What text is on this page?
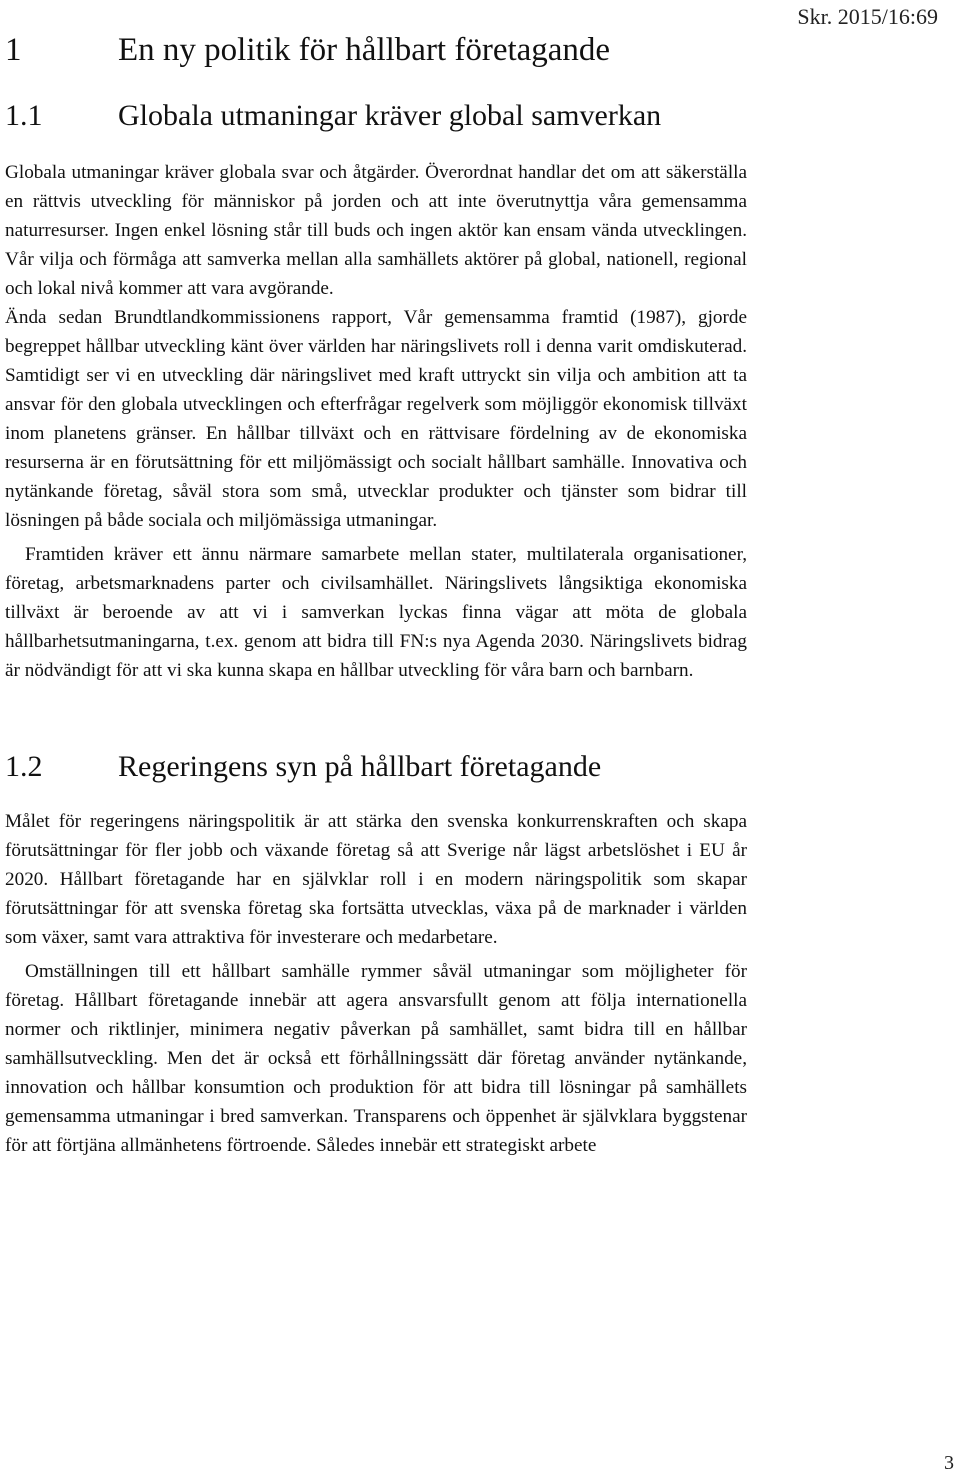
Skr. 2015/16:69
1	En ny politik för hållbart företagande
1.1	Globala utmaningar kräver global samverkan

Globala utmaningar kräver globala svar och åtgärder. Överordnat handlar det om att säkerställa en rättvis utveckling för människor på jorden och att inte överutnyttja våra gemensamma naturresurser. Ingen enkel lösning står till buds och ingen aktör kan ensam vända utvecklingen. Vår vilja och förmåga att samverka mellan alla samhällets aktörer på global, nationell, regional och lokal nivå kommer att vara avgörande.

Ända sedan Brundtlandkommissionens rapport, Vår gemensamma framtid (1987), gjorde begreppet hållbar utveckling känt över världen har näringslivets roll i denna varit omdiskuterad. Samtidigt ser vi en utveckling där näringslivet med kraft uttryckt sin vilja och ambition att ta ansvar för den globala utvecklingen och efterfrågar regelverk som möjliggör ekonomisk tillväxt inom planetens gränser. En hållbar tillväxt och en rättvisare fördelning av de ekonomiska resurserna är en förutsättning för ett miljömässigt och socialt hållbart samhälle. Innovativa och nytänkande företag, såväl stora som små, utvecklar produkter och tjänster som bidrar till lösningen på både sociala och miljömässiga utmaningar.

Framtiden kräver ett ännu närmare samarbete mellan stater, multilaterala organisationer, företag, arbetsmarknadens parter och civilsamhället. Näringslivets långsiktiga ekonomiska tillväxt är beroende av att vi i samverkan lyckas finna vägar att möta de globala hållbarhetsutmaningarna, t.ex. genom att bidra till FN:s nya Agenda 2030. Näringslivets bidrag är nödvändigt för att vi ska kunna skapa en hållbar utveckling för våra barn och barnbarn.

1.2	Regeringens syn på hållbart företagande

Målet för regeringens näringspolitik är att stärka den svenska konkurrenskraften och skapa förutsättningar för fler jobb och växande företag så att Sverige når lägst arbetslöshet i EU år 2020. Hållbart företagande har en självklar roll i en modern näringspolitik som skapar förutsättningar för att svenska företag ska fortsätta utvecklas, växa på de marknader i världen som växer, samt vara attraktiva för investerare och medarbetare.

Omställningen till ett hållbart samhälle rymmer såväl utmaningar som möjligheter för företag. Hållbart företagande innebär att agera ansvarsfullt genom att följa internationella normer och riktlinjer, minimera negativ påverkan på samhället, samt bidra till en hållbar samhällsutveckling. Men det är också ett förhållningssätt där företag använder nytänkande, innovation och hållbar konsumtion och produktion för att bidra till lösningar på samhällets gemensamma utmaningar i bred samverkan. Transparens och öppenhet är självklara byggstenar för att förtjäna allmänhetens förtroende. Således innebär ett strategiskt arbete

3
